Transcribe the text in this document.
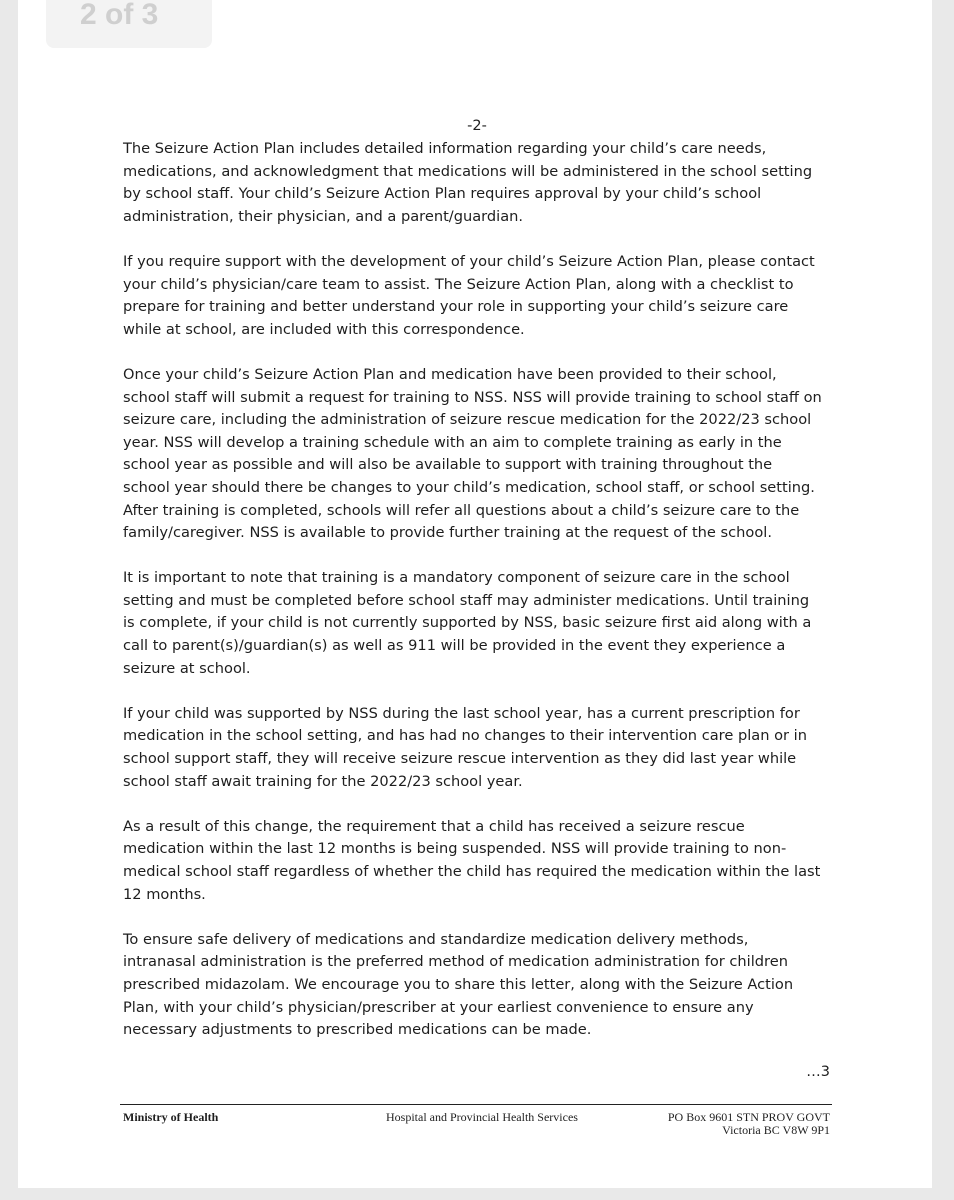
2 of 3
-2-

The Seizure Action Plan includes detailed information regarding your child’s care needs, medications, and acknowledgment that medications will be administered in the school setting by school staff. Your child’s Seizure Action Plan requires approval by your child’s school administration, their physician, and a parent/guardian.

If you require support with the development of your child’s Seizure Action Plan, please contact your child’s physician/care team to assist. The Seizure Action Plan, along with a checklist to prepare for training and better understand your role in supporting your child’s seizure care while at school, are included with this correspondence.

Once your child’s Seizure Action Plan and medication have been provided to their school, school staff will submit a request for training to NSS. NSS will provide training to school staff on seizure care, including the administration of seizure rescue medication for the 2022/23 school year. NSS will develop a training schedule with an aim to complete training as early in the school year as possible and will also be available to support with training throughout the school year should there be changes to your child’s medication, school staff, or school setting. After training is completed, schools will refer all questions about a child’s seizure care to the family/caregiver. NSS is available to provide further training at the request of the school.

It is important to note that training is a mandatory component of seizure care in the school setting and must be completed before school staff may administer medications. Until training is complete, if your child is not currently supported by NSS, basic seizure first aid along with a call to parent(s)/guardian(s) as well as 911 will be provided in the event they experience a seizure at school.

If your child was supported by NSS during the last school year, has a current prescription for medication in the school setting, and has had no changes to their intervention care plan or in school support staff, they will receive seizure rescue intervention as they did last year while school staff await training for the 2022/23 school year.

As a result of this change, the requirement that a child has received a seizure rescue medication within the last 12 months is being suspended. NSS will provide training to non-medical school staff regardless of whether the child has required the medication within the last 12 months.

To ensure safe delivery of medications and standardize medication delivery methods, intranasal administration is the preferred method of medication administration for children prescribed midazolam. We encourage you to share this letter, along with the Seizure Action Plan, with your child’s physician/prescriber at your earliest convenience to ensure any necessary adjustments to prescribed medications can be made.

…3
Ministry of Health	Hospital and Provincial Health Services	PO Box 9601 STN PROV GOVT
Victoria BC V8W 9P1
